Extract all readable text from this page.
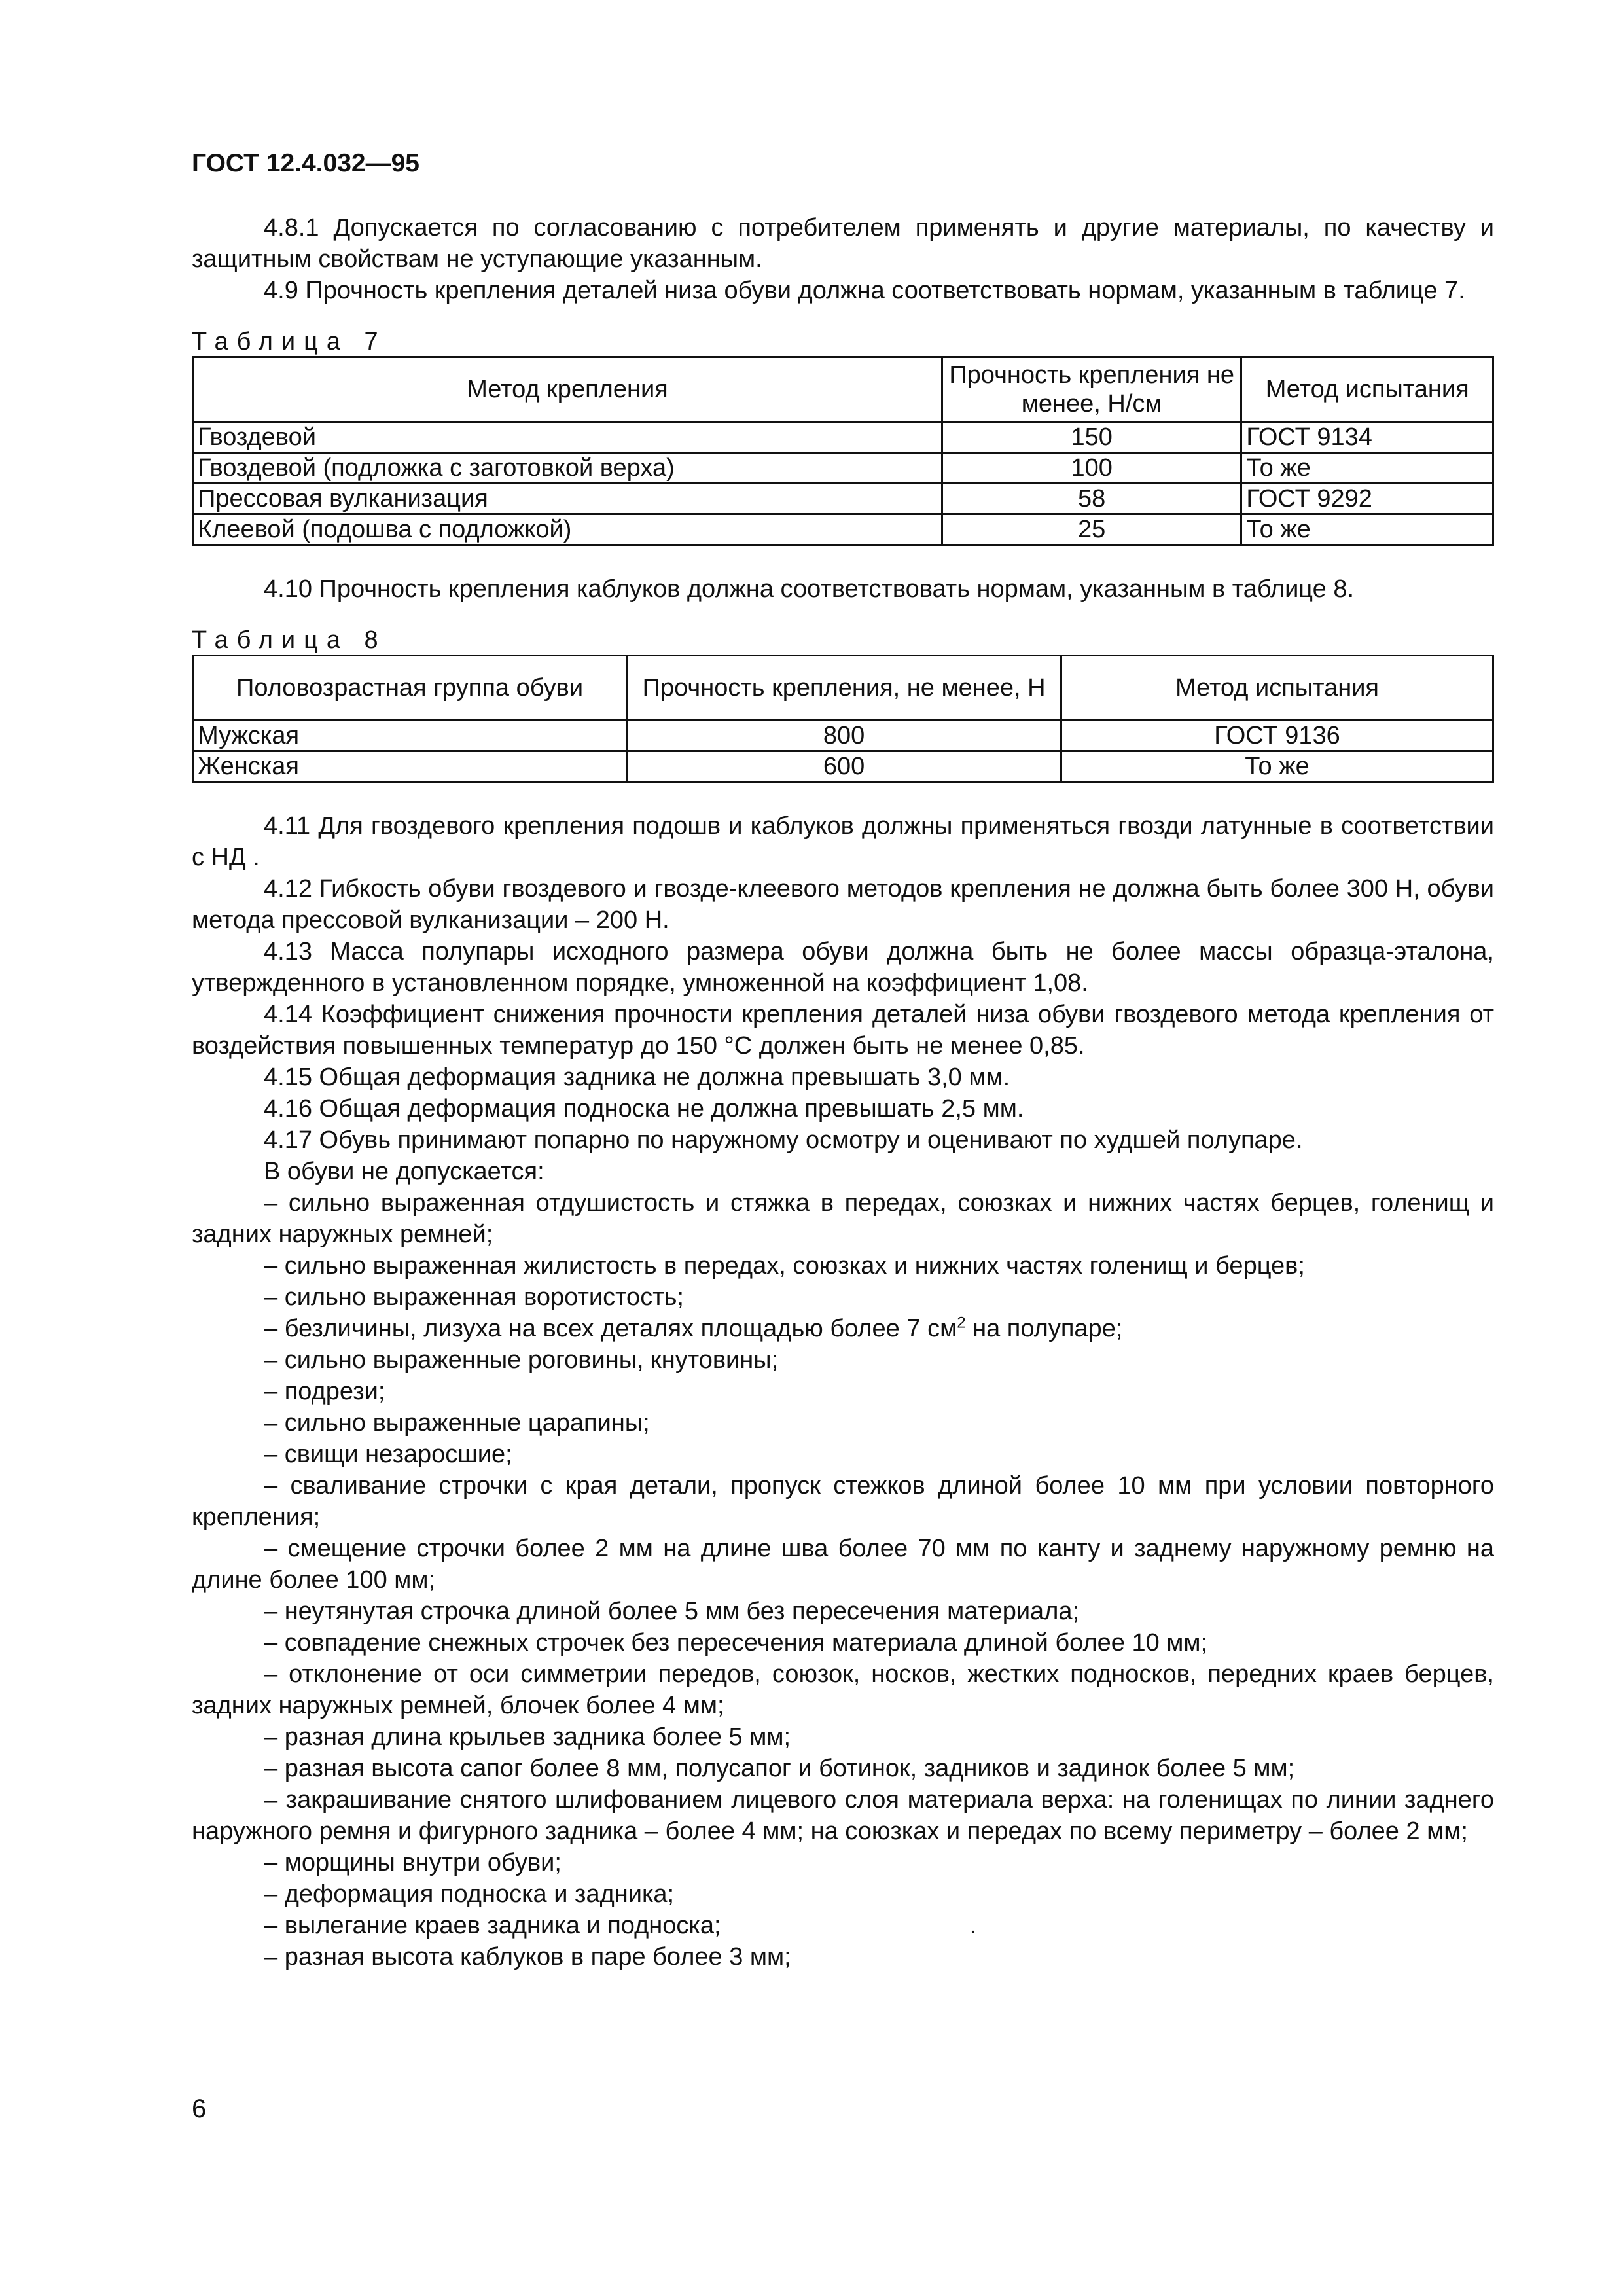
ГОСТ 12.4.032—95

4.8.1 Допускается по согласованию с потребителем применять и другие материалы, по качеству и защитным свойствам не уступающие указанным.

4.9 Прочность крепления деталей низа обуви должна соответствовать нормам, указанным в таблице 7.

Таблица 7
Метод крепления	Прочность крепления не менее, Н/см	Метод испытания
Гвоздевой	150	ГОСТ 9134
Гвоздевой (подложка с заготовкой верха)	100	То же
Прессовая вулканизация	58	ГОСТ 9292
Клеевой (подошва с подложкой)	25	То же

4.10 Прочность крепления каблуков должна соответствовать нормам, указанным в таблице 8.

Таблица 8
Половозрастная группа обуви	Прочность крепления, не менее, Н	Метод испытания
Мужская	800	ГОСТ 9136
Женская	600	То же

4.11 Для гвоздевого крепления подошв и каблуков должны применяться гвозди латунные в соответствии с НД .

4.12 Гибкость обуви гвоздевого и гвозде-клеевого методов крепления не должна быть более 300 Н, обуви метода прессовой вулканизации – 200 Н.

4.13 Масса полупары исходного размера обуви должна быть не более массы образца-эталона, утвержденного в установленном порядке, умноженной на коэффициент 1,08.

4.14 Коэффициент снижения прочности крепления деталей низа обуви гвоздевого метода крепления от воздействия повышенных температур до 150 °С должен быть не менее 0,85.

4.15 Общая деформация задника не должна превышать 3,0 мм.

4.16 Общая деформация подноска не должна превышать 2,5 мм.

4.17 Обувь принимают попарно по наружному осмотру и оценивают по худшей полупаре.

В обуви не допускается:

– сильно выраженная отдушистость и стяжка в передах, союзках и нижних частях берцев, голенищ и задних наружных ремней;

– сильно выраженная жилистость в передах, союзках и нижних частях голенищ и берцев;

– сильно выраженная воротистость;

– безличины, лизуха на всех деталях площадью более 7 $см^2$ на полупаре;

– сильно выраженные роговины, кнутовины;

– подрези;

– сильно выраженные царапины;

– свищи незаросшие;

– сваливание строчки с края детали, пропуск стежков длиной более 10 мм при условии повторного крепления;

– смещение строчки более 2 мм на длине шва более 70 мм по канту и заднему наружному ремню на длине более 100 мм;

– неутянутая строчка длиной более 5 мм без пересечения материала;

– совпадение снежных строчек без пересечения материала длиной более 10 мм;

– отклонение от оси симметрии передов, союзок, носков, жестких подносков, передних краев берцев, задних наружных ремней, блочек более 4 мм;

– разная длина крыльев задника более 5 мм;

– разная высота сапог более 8 мм, полусапог и ботинок, задников и задинок более 5 мм;

– закрашивание снятого шлифованием лицевого слоя материала верха: на голенищах по линии заднего наружного ремня и фигурного задника – более 4 мм; на союзках и передах по всему периметру – более 2 мм;

– морщины внутри обуви;

– деформация подноска и задника;

– вылегание краев задника и подноска;	.

– разная высота каблуков в паре более 3 мм;

6
